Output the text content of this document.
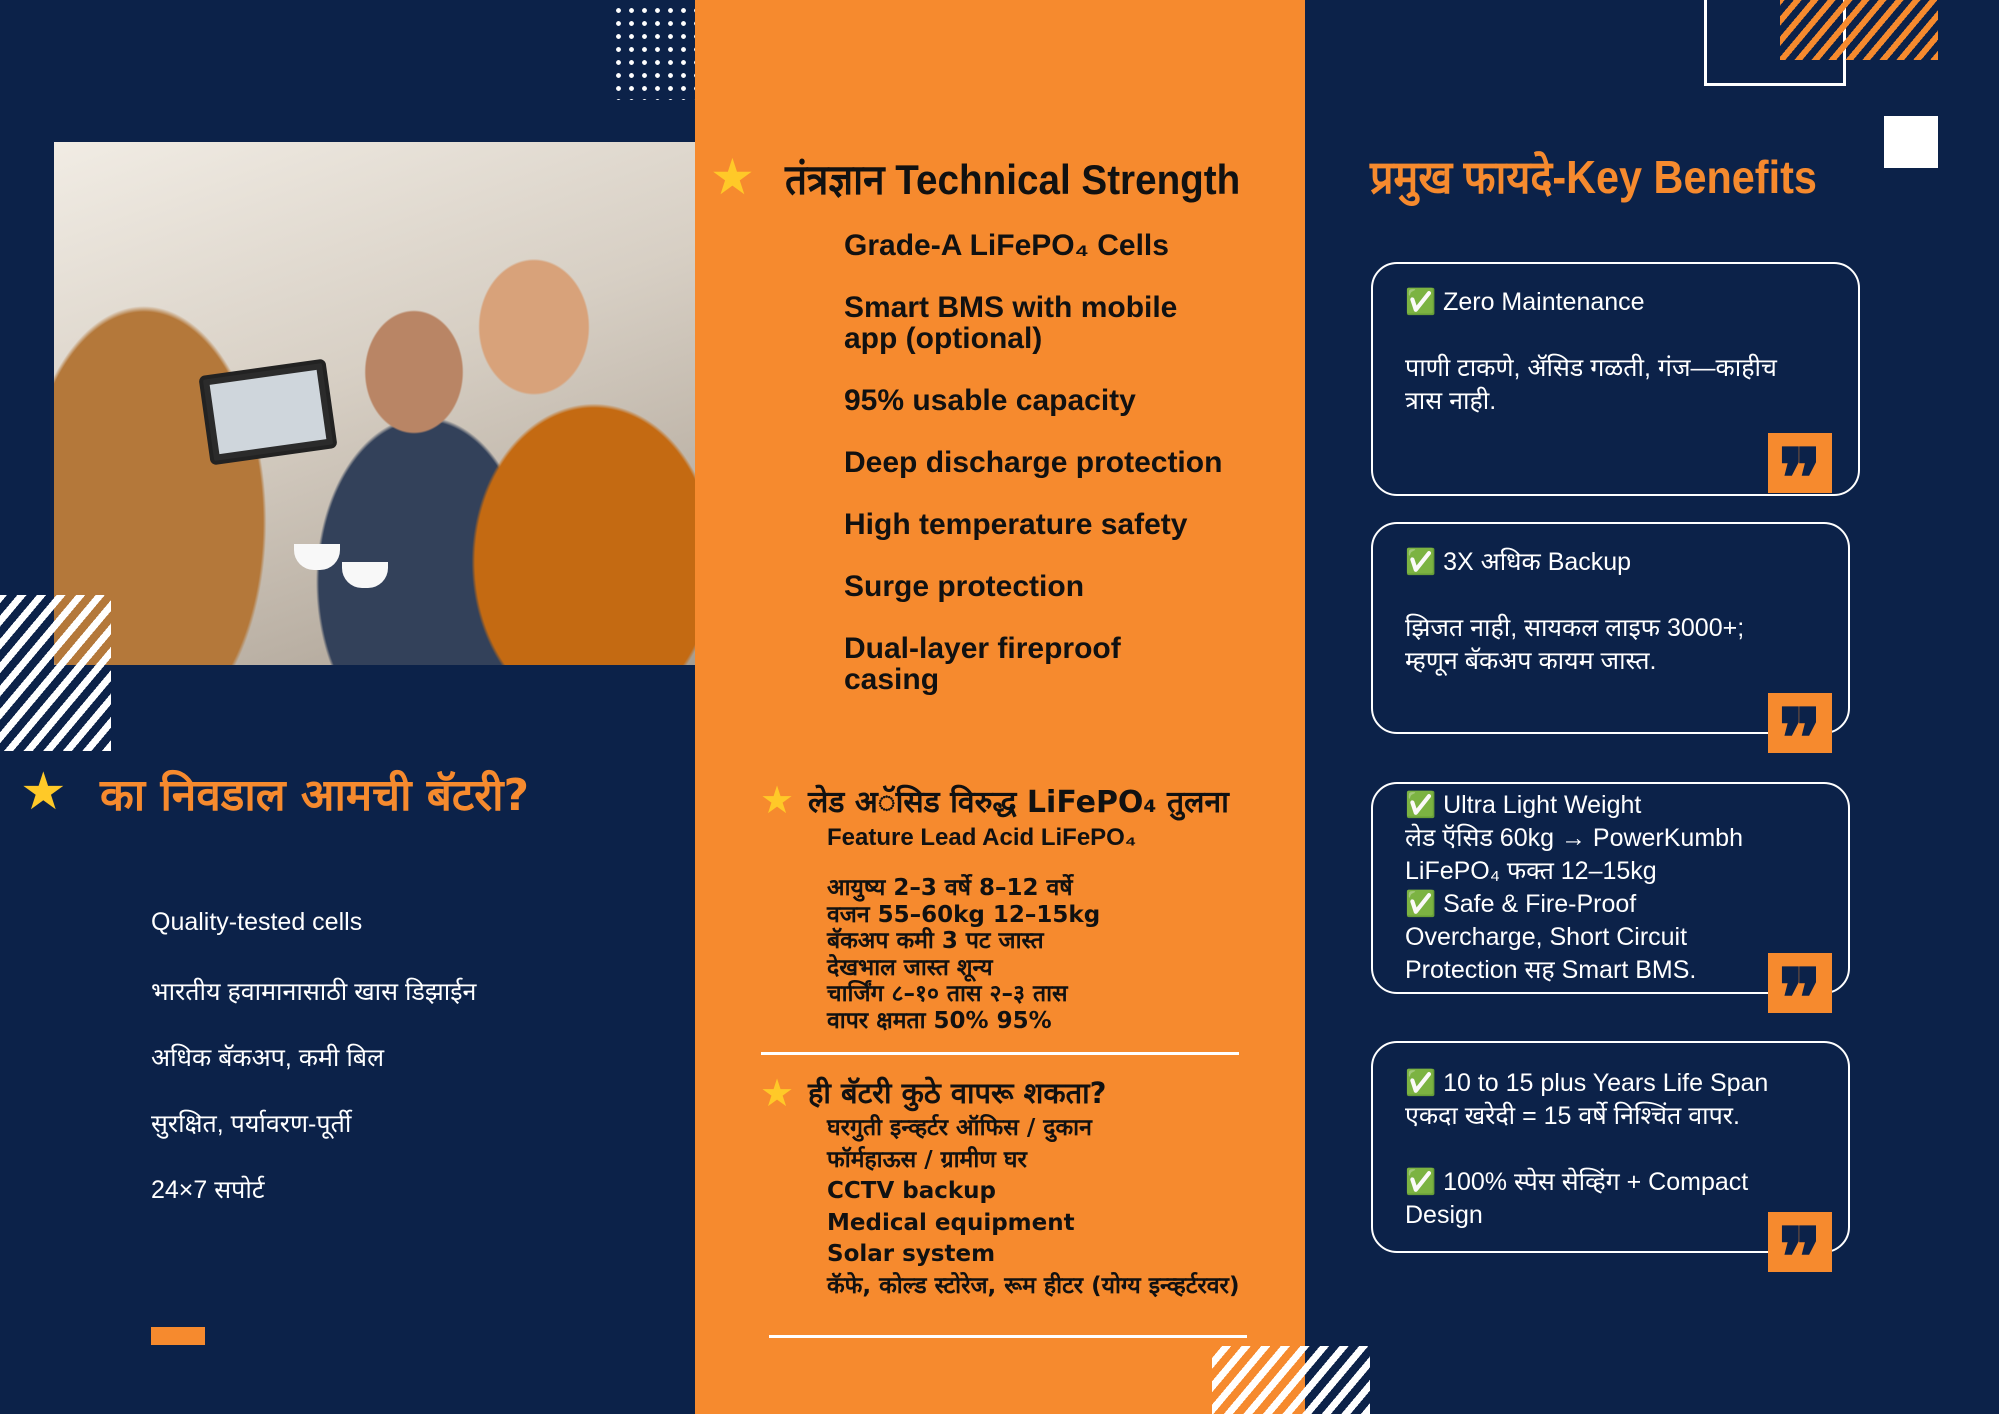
★ का निवडाल आमची बॅटरी?
Quality-tested cells
भारतीय हवामानासाठी खास डिझाईन
अधिक बॅकअप, कमी बिल
सुरक्षित, पर्यावरण-पूर्ती
24×7 सपोर्ट
★ तंत्रज्ञान Technical Strength
Grade-A LiFePO₄ Cells
Smart BMS with mobile app (optional)
95% usable capacity
Deep discharge protection
High temperature safety
Surge protection
Dual-layer fireproof casing
★ लेड अॅसिड विरुद्ध LiFePO₄ तुलना
Feature Lead Acid LiFePO₄
आयुष्य 2–3 वर्षे 8–12 वर्षे
वजन 55–60kg 12–15kg
बॅकअप कमी 3 पट जास्त
देखभाल जास्त शून्य
चार्जिंग ८–१० तास २–३ तास
वापर क्षमता 50% 95%
★ ही बॅटरी कुठे वापरू शकता?
घरगुती इन्व्हर्टर ऑफिस / दुकान
फॉर्महाऊस / ग्रामीण घर
CCTV backup
Medical equipment
Solar system
कॅफे, कोल्ड स्टोरेज, रूम हीटर (योग्य इन्व्हर्टरवर)
प्रमुख फायदे-Key Benefits
✅ Zero Maintenance
पाणी टाकणे, ॲसिड गळती, गंज—काहीच
त्रास नाही.
❞
✅ 3X अधिक Backup
झिजत नाही, सायकल लाइफ 3000+;
म्हणून बॅकअप कायम जास्त.
❞
✅ Ultra Light Weight
लेड ऍसिड 60kg → PowerKumbh
LiFePO₄ फक्त 12–15kg
✅ Safe & Fire-Proof
Overcharge, Short Circuit
Protection सह Smart BMS.	❞
✅ 10 to 15 plus Years Life Span
एकदा खरेदी = 15 वर्षे निश्चिंत वापर.
✅ 100% स्पेस सेव्हिंग + Compact
Design	❞
